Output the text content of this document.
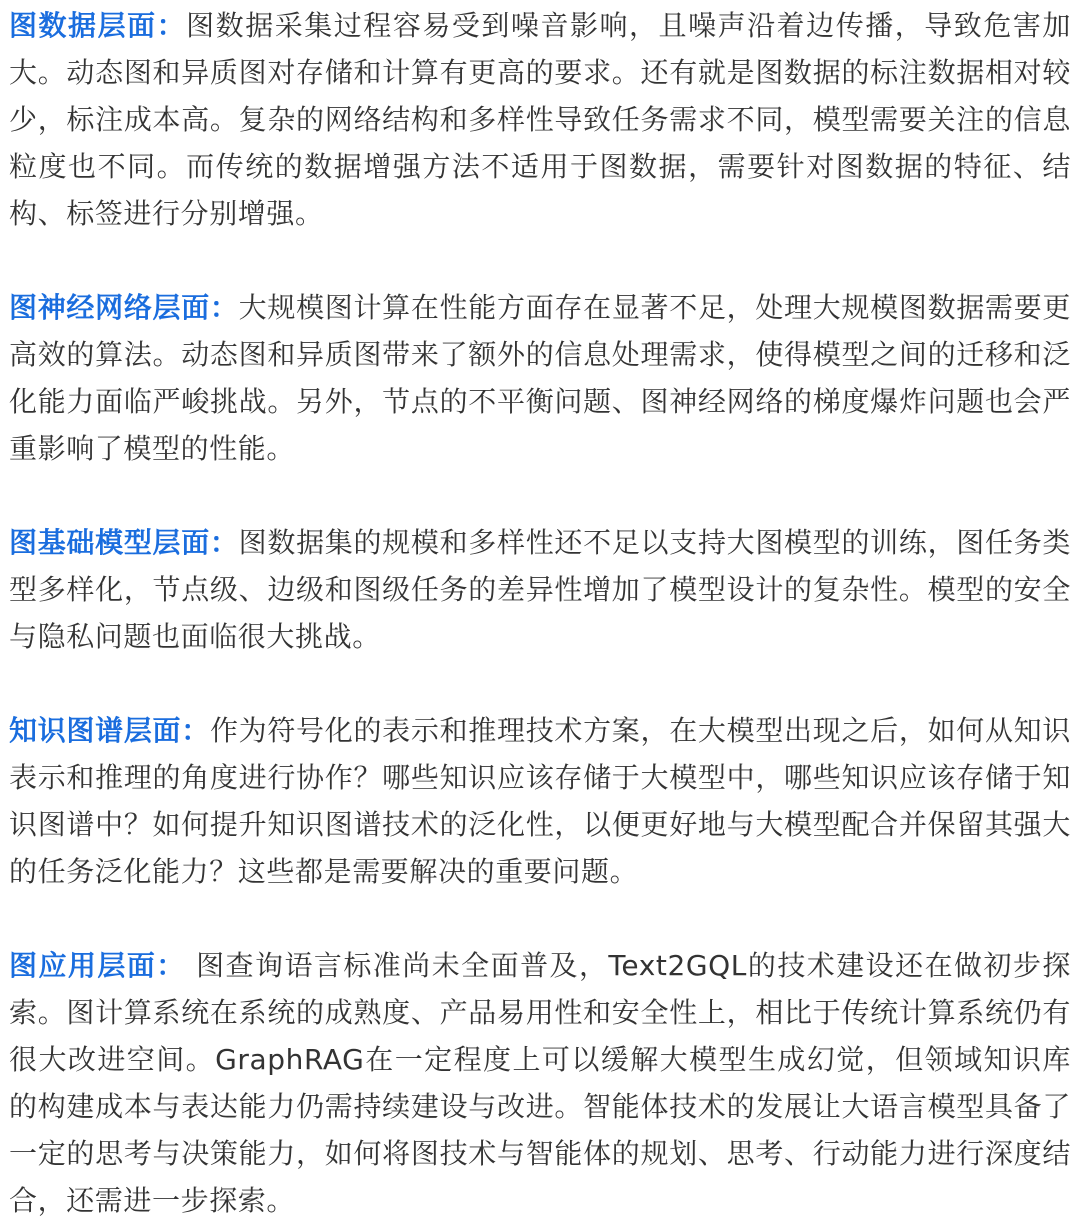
图数据层面：图数据采集过程容易受到噪音影响，且噪声沿着边传播，导致危害加大。动态图和异质图对存储和计算有更高的要求。还有就是图数据的标注数据相对较少，标注成本高。复杂的网络结构和多样性导致任务需求不同，模型需要关注的信息粒度也不同。而传统的数据增强方法不适用于图数据，需要针对图数据的特征、结构、标签进行分别增强。

图神经网络层面：大规模图计算在性能方面存在显著不足，处理大规模图数据需要更高效的算法。动态图和异质图带来了额外的信息处理需求，使得模型之间的迁移和泛化能力面临严峻挑战。另外，节点的不平衡问题、图神经网络的梯度爆炸问题也会严重影响了模型的性能。

图基础模型层面：图数据集的规模和多样性还不足以支持大图模型的训练，图任务类型多样化，节点级、边级和图级任务的差异性增加了模型设计的复杂性。模型的安全与隐私问题也面临很大挑战。

知识图谱层面：作为符号化的表示和推理技术方案，在大模型出现之后，如何从知识表示和推理的角度进行协作？哪些知识应该存储于大模型中，哪些知识应该存储于知识图谱中？如何提升知识图谱技术的泛化性，以便更好地与大模型配合并保留其强大的任务泛化能力？这些都是需要解决的重要问题。

图应用层面： 图查询语言标准尚未全面普及，Text2GQL的技术建设还在做初步探索。图计算系统在系统的成熟度、产品易用性和安全性上，相比于传统计算系统仍有很大改进空间。GraphRAG在一定程度上可以缓解大模型生成幻觉，但领域知识库的构建成本与表达能力仍需持续建设与改进。智能体技术的发展让大语言模型具备了一定的思考与决策能力，如何将图技术与智能体的规划、思考、行动能力进行深度结合，还需进一步探索。
